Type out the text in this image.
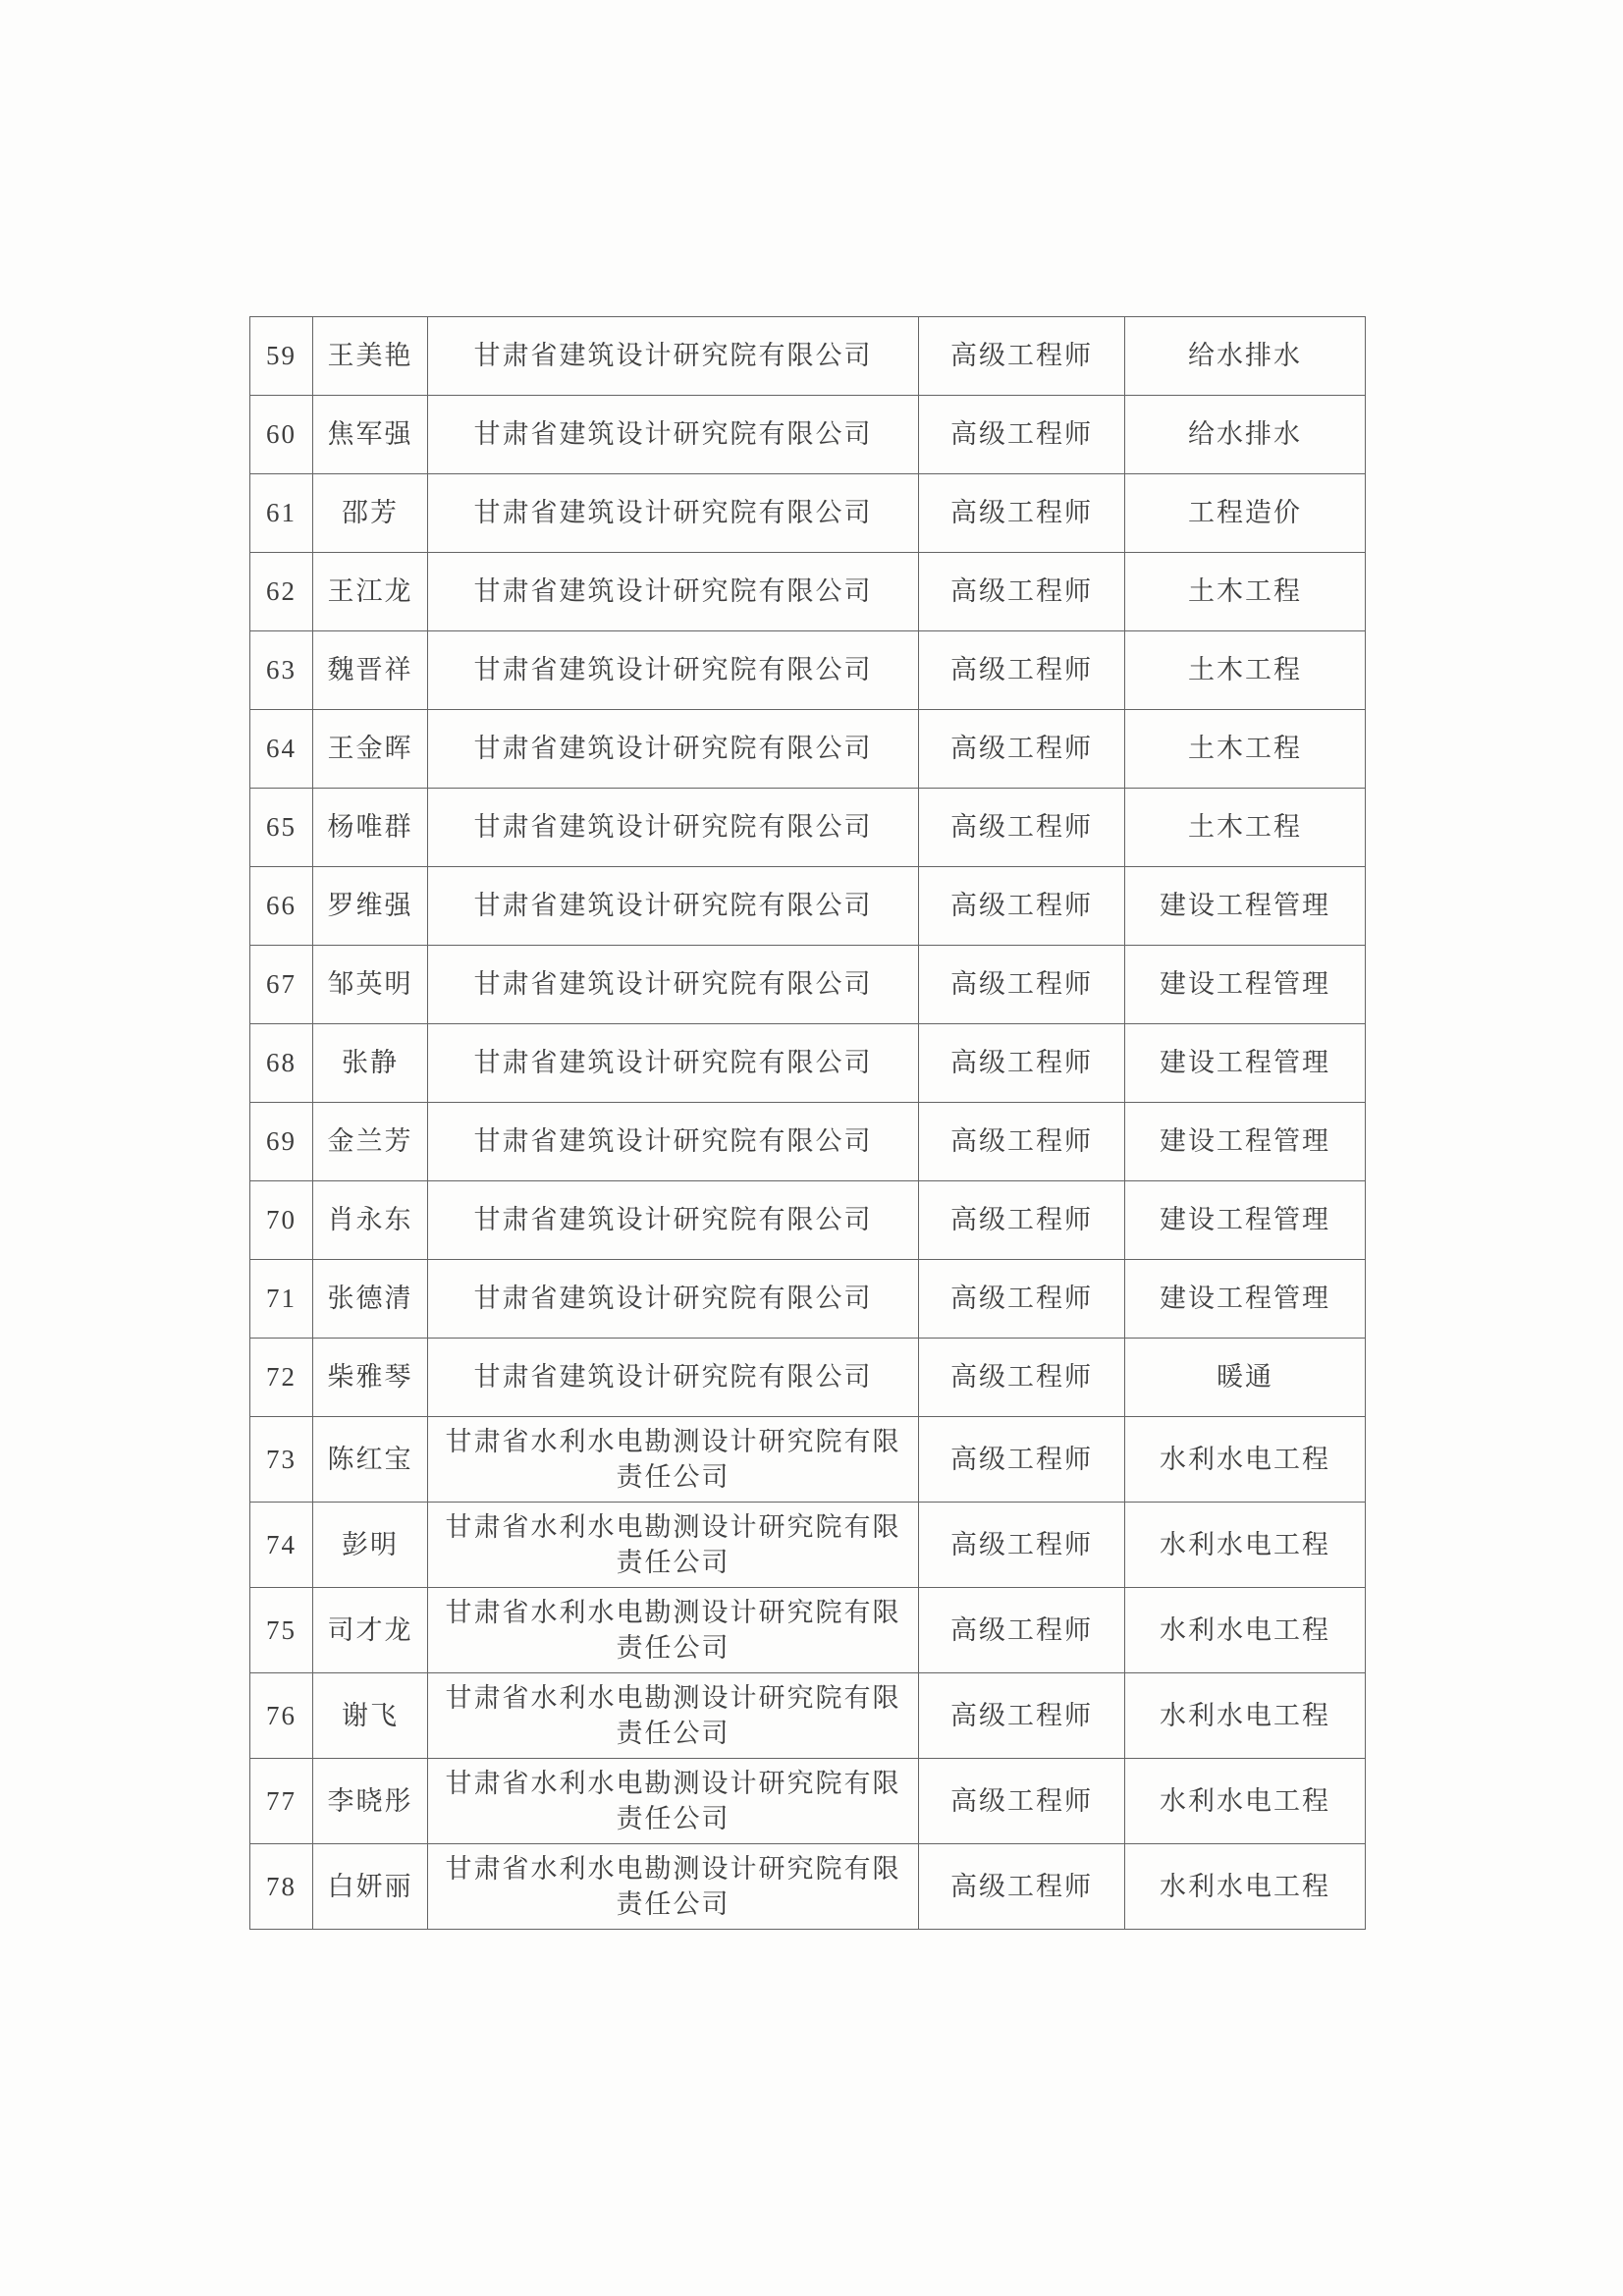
59	王美艳	甘肃省建筑设计研究院有限公司	高级工程师	给水排水
60	焦军强	甘肃省建筑设计研究院有限公司	高级工程师	给水排水
61	邵芳	甘肃省建筑设计研究院有限公司	高级工程师	工程造价
62	王江龙	甘肃省建筑设计研究院有限公司	高级工程师	土木工程
63	魏晋祥	甘肃省建筑设计研究院有限公司	高级工程师	土木工程
64	王金晖	甘肃省建筑设计研究院有限公司	高级工程师	土木工程
65	杨唯群	甘肃省建筑设计研究院有限公司	高级工程师	土木工程
66	罗维强	甘肃省建筑设计研究院有限公司	高级工程师	建设工程管理
67	邹英明	甘肃省建筑设计研究院有限公司	高级工程师	建设工程管理
68	张静	甘肃省建筑设计研究院有限公司	高级工程师	建设工程管理
69	金兰芳	甘肃省建筑设计研究院有限公司	高级工程师	建设工程管理
70	肖永东	甘肃省建筑设计研究院有限公司	高级工程师	建设工程管理
71	张德清	甘肃省建筑设计研究院有限公司	高级工程师	建设工程管理
72	柴雅琴	甘肃省建筑设计研究院有限公司	高级工程师	暖通
73	陈红宝	甘肃省水利水电勘测设计研究院有限责任公司	高级工程师	水利水电工程
74	彭明	甘肃省水利水电勘测设计研究院有限责任公司	高级工程师	水利水电工程
75	司才龙	甘肃省水利水电勘测设计研究院有限责任公司	高级工程师	水利水电工程
76	谢飞	甘肃省水利水电勘测设计研究院有限责任公司	高级工程师	水利水电工程
77	李晓彤	甘肃省水利水电勘测设计研究院有限责任公司	高级工程师	水利水电工程
78	白妍丽	甘肃省水利水电勘测设计研究院有限责任公司	高级工程师	水利水电工程
